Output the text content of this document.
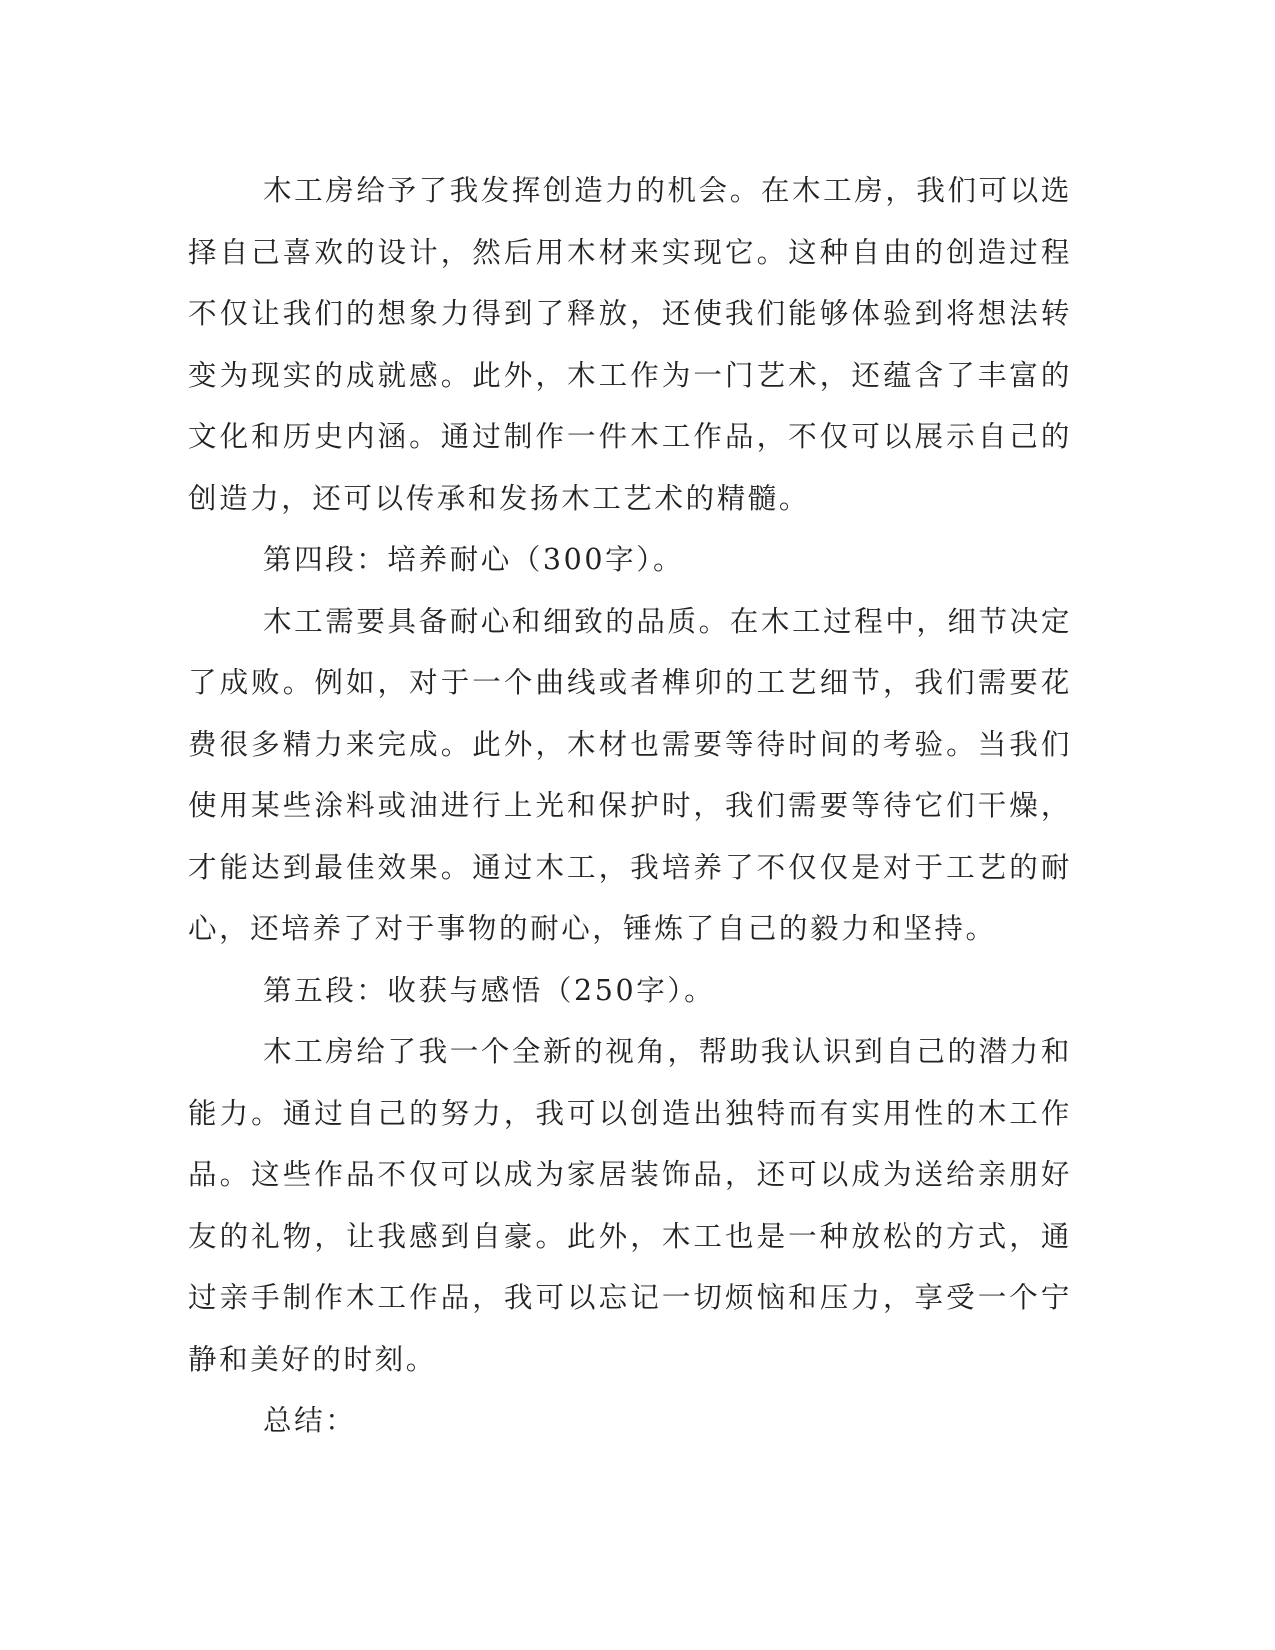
木工房给予了我发挥创造力的机会。在木工房，我们可以选择自己喜欢的设计，然后用木材来实现它。这种自由的创造过程不仅让我们的想象力得到了释放，还使我们能够体验到将想法转变为现实的成就感。此外，木工作为一门艺术，还蕴含了丰富的文化和历史内涵。通过制作一件木工作品，不仅可以展示自己的创造力，还可以传承和发扬木工艺术的精髓。

第四段：培养耐心（300字）。

木工需要具备耐心和细致的品质。在木工过程中，细节决定了成败。例如，对于一个曲线或者榫卯的工艺细节，我们需要花费很多精力来完成。此外，木材也需要等待时间的考验。当我们使用某些涂料或油进行上光和保护时，我们需要等待它们干燥，才能达到最佳效果。通过木工，我培养了不仅仅是对于工艺的耐心，还培养了对于事物的耐心，锤炼了自己的毅力和坚持。

第五段：收获与感悟（250字）。

木工房给了我一个全新的视角，帮助我认识到自己的潜力和能力。通过自己的努力，我可以创造出独特而有实用性的木工作品。这些作品不仅可以成为家居装饰品，还可以成为送给亲朋好友的礼物，让我感到自豪。此外，木工也是一种放松的方式，通过亲手制作木工作品，我可以忘记一切烦恼和压力，享受一个宁静和美好的时刻。

总结：
